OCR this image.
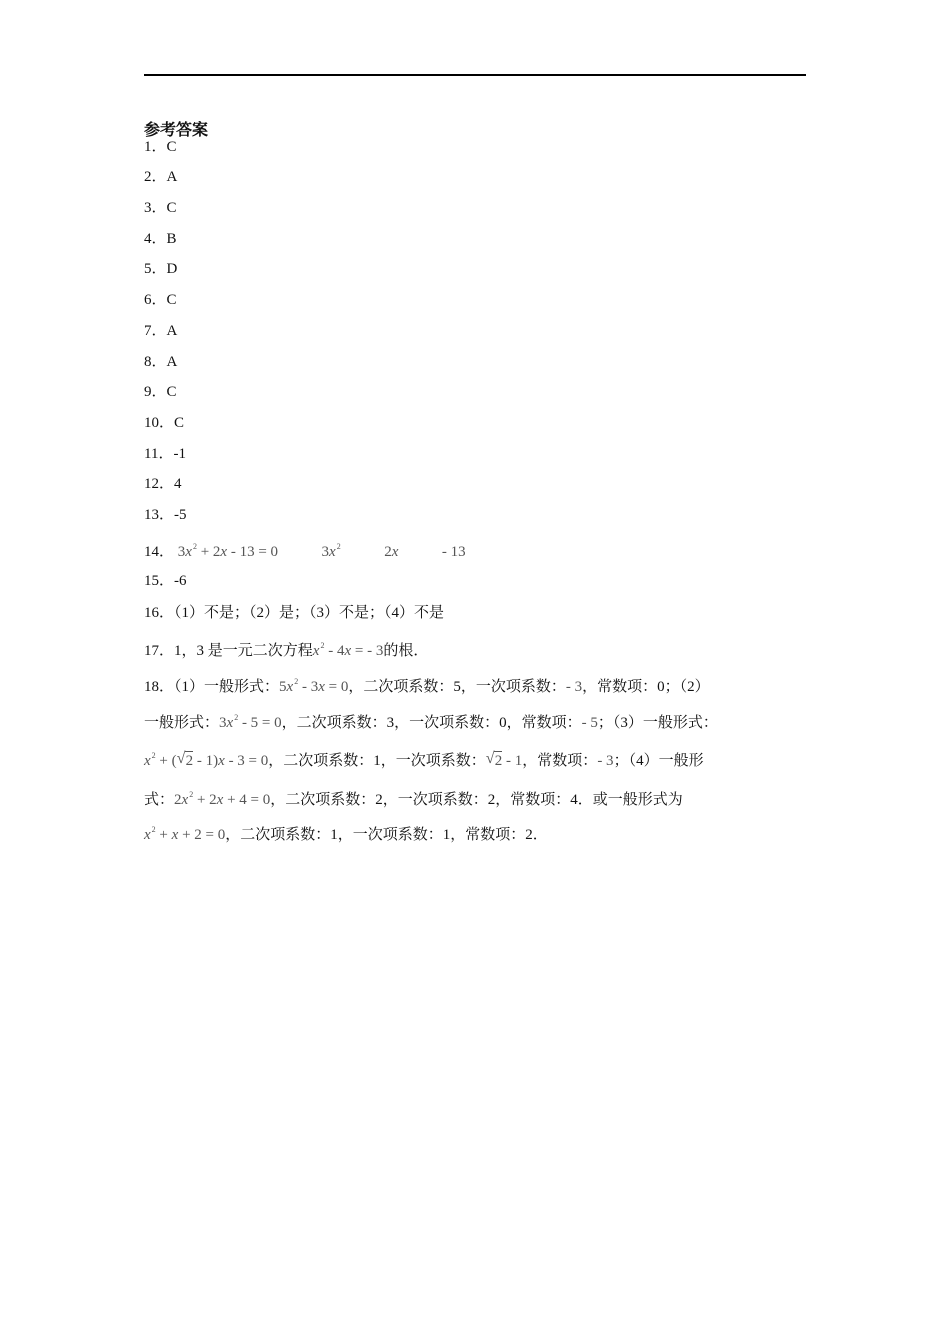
参考答案
1．C
2．A
3．C
4．B
5．D
6．C
7．A
8．A
9．C
10．C
11．-1
12．4
13．-5
14． $3x^2 + 2x - 13 = 0$	$3x^2$	2x	- 13
15．-6
16．（1）不是；（2）是；（3）不是；（4）不是
17．1，3 是一元二次方程$x^2 - 4x$ = - 3的根．
18．（1）一般形式：$5x^2 - 3x = 0$，二次项系数：5，一次项系数：- 3，常数项：0；（2）
一般形式：$3x^2 - 5 = 0$，二次项系数：3，一次项系数：0，常数项：- 5；（3）一般形式：
$x^2$ + ( √ 2 - 1)x - 3 = 0，二次项系数：1，一次项系数： √ 2 - 1，常数项：- 3；（4）一般形
式：$2x^2 + 2x + 4 = 0$，二次项系数：2，一次项系数：2，常数项：4．或一般形式为
$x^2 + x + 2 = 0$，二次项系数：1，一次项系数：1，常数项：2．
